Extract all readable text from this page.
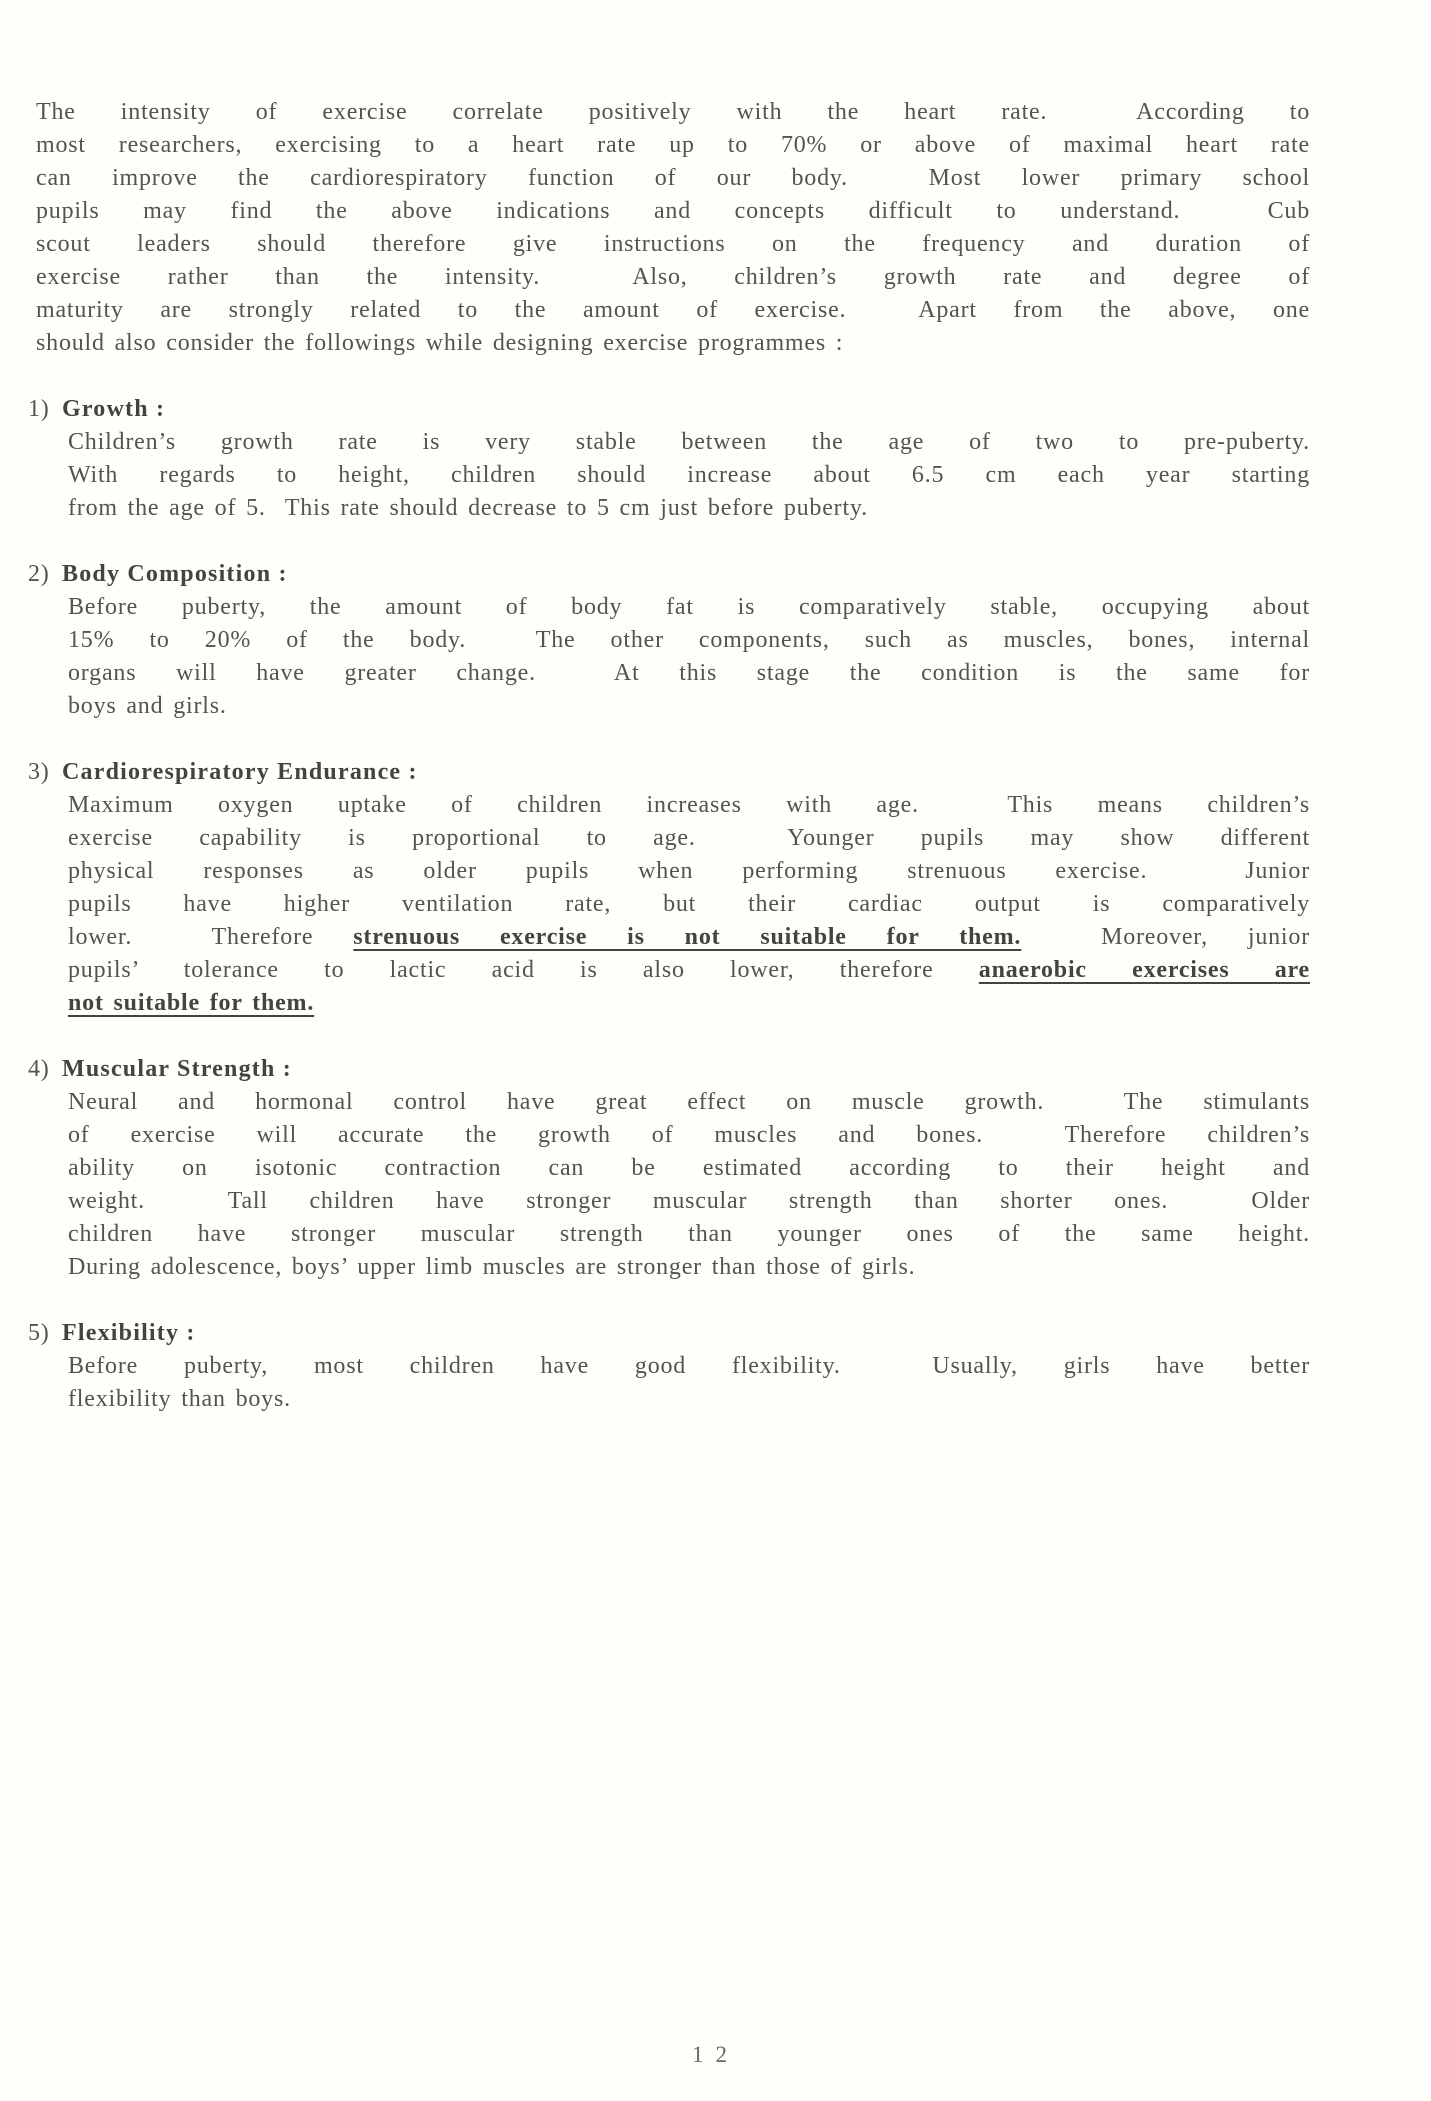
The intensity of exercise correlate positively with the heart rate.  According to
most researchers, exercising to a heart rate up to 70% or above of maximal heart rate
can improve the cardiorespiratory function of our body.  Most lower primary school
pupils may find the above indications and concepts difficult to understand.  Cub
scout leaders should therefore give instructions on the frequency and duration of
exercise rather than the intensity.  Also, children’s growth rate and degree of
maturity are strongly related to the amount of exercise.  Apart from the above, one
should also consider the followings while designing exercise programmes :
1) Growth :
Children’s growth rate is very stable between the age of two to pre-puberty.
With regards to height, children should increase about 6.5 cm each year starting
from the age of 5.  This rate should decrease to 5 cm just before puberty.
2) Body Composition :
Before puberty, the amount of body fat is comparatively stable, occupying about
15% to 20% of the body.  The other components, such as muscles, bones, internal
organs will have greater change.  At this stage the condition is the same for
boys and girls.
3) Cardiorespiratory Endurance :
Maximum oxygen uptake of children increases with age.  This means children’s
exercise capability is proportional to age.  Younger pupils may show different
physical responses as older pupils when performing strenuous exercise.  Junior
pupils have higher ventilation rate, but their cardiac output is comparatively
lower.  Therefore strenuous exercise is not suitable for them.  Moreover, junior
pupils’ tolerance to lactic acid is also lower, therefore anaerobic exercises are
not suitable for them.
4) Muscular Strength :
Neural and hormonal control have great effect on muscle growth.  The stimulants
of exercise will accurate the growth of muscles and bones.  Therefore children’s
ability on isotonic contraction can be estimated according to their height and
weight.  Tall children have stronger muscular strength than shorter ones.  Older
children have stronger muscular strength than younger ones of the same height.
During adolescence, boys’ upper limb muscles are stronger than those of girls.
5) Flexibility :
Before puberty, most children have good flexibility.  Usually, girls have better
flexibility than boys.
12
